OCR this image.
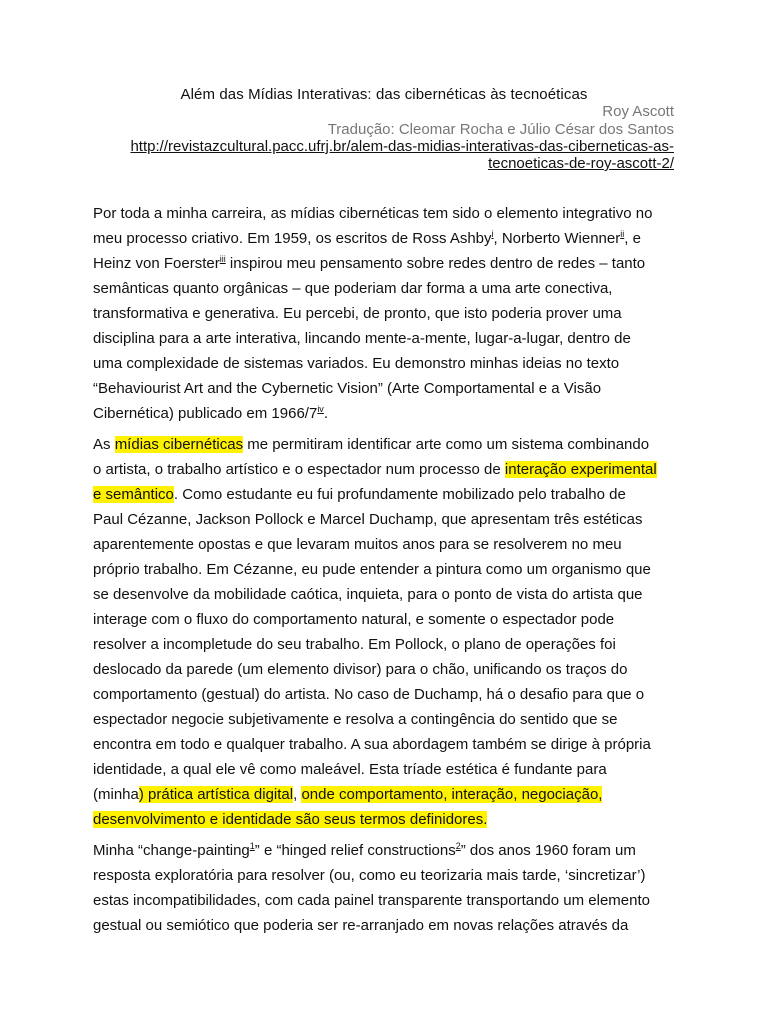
Além das Mídias Interativas: das cibernéticas às tecnoéticas
Roy Ascott
Tradução: Cleomar Rocha e Júlio César dos Santos
http://revistazcultural.pacc.ufrj.br/alem-das-midias-interativas-das-ciberneticas-as-
tecnoeticas-de-roy-ascott-2/
Por toda a minha carreira, as mídias cibernéticas tem sido o elemento integrativo no
meu processo criativo. Em 1959, os escritos de Ross Ashby$^i$, Norberto Wienner$^{ii}$, e
Heinz von Foerster$^{iii}$ inspirou meu pensamento sobre redes dentro de redes – tanto
semânticas quanto orgânicas – que poderiam dar forma a uma arte conectiva,
transformativa e generativa. Eu percebi, de pronto, que isto poderia prover uma
disciplina para a arte interativa, lincando mente-a-mente, lugar-a-lugar, dentro de
uma complexidade de sistemas variados. Eu demonstro minhas ideias no texto
“Behaviourist Art and the Cybernetic Vision” (Arte Comportamental e a Visão
Cibernética) publicado em 1966/7$^{iv}$.
As mídias cibernéticas me permitiram identificar arte como um sistema combinando
o artista, o trabalho artístico e o espectador num processo de interação experimental
e semântico. Como estudante eu fui profundamente mobilizado pelo trabalho de
Paul Cézanne, Jackson Pollock e Marcel Duchamp, que apresentam três estéticas
aparentemente opostas e que levaram muitos anos para se resolverem no meu
próprio trabalho. Em Cézanne, eu pude entender a pintura como um organismo que
se desenvolve da mobilidade caótica, inquieta, para o ponto de vista do artista que
interage com o fluxo do comportamento natural, e somente o espectador pode
resolver a incompletude do seu trabalho. Em Pollock, o plano de operações foi
deslocado da parede (um elemento divisor) para o chão, unificando os traços do
comportamento (gestual) do artista. No caso de Duchamp, há o desafio para que o
espectador negocie subjetivamente e resolva a contingência do sentido que se
encontra em todo e qualquer trabalho. A sua abordagem também se dirige à própria
identidade, a qual ele vê como maleável. Esta tríade estética é fundante para
(minha) prática artística digital, onde comportamento, interação, negociação,
desenvolvimento e identidade são seus termos definidores.
Minha “change-painting$^1$” e “hinged relief constructions$^2$” dos anos 1960 foram um
resposta exploratória para resolver (ou, como eu teorizaria mais tarde, ‘sincretizar’)
estas incompatibilidades, com cada painel transparente transportando um elemento
gestual ou semiótico que poderia ser re-arranjado em novas relações através da
